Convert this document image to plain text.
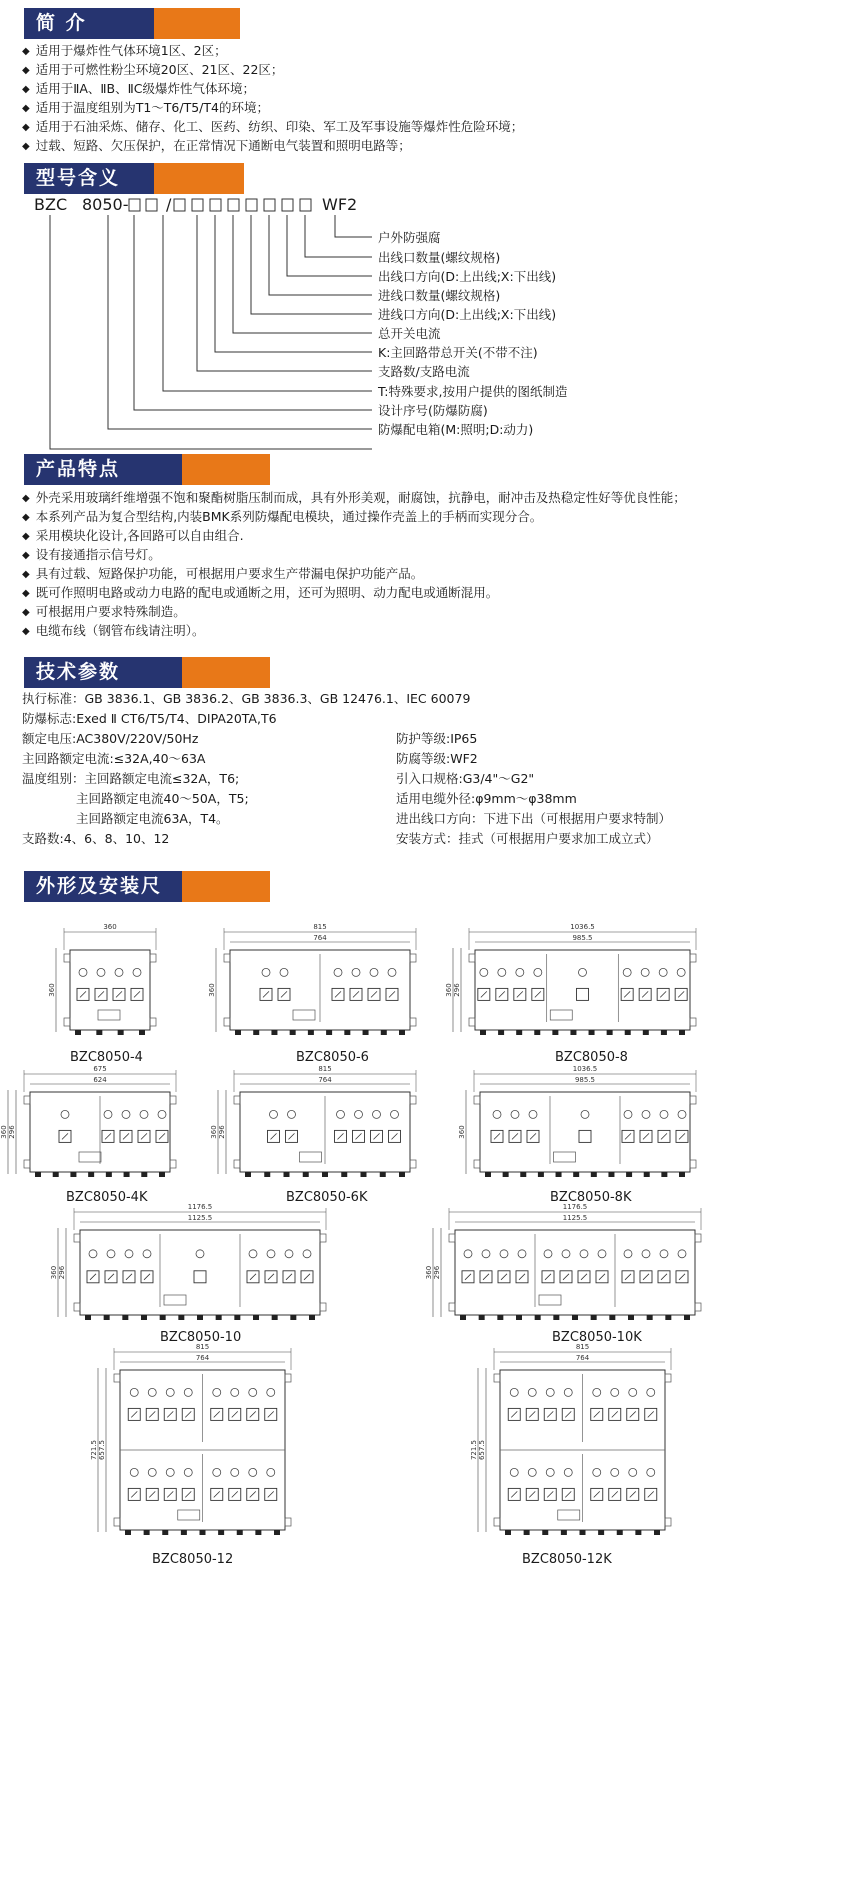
简 介
型号含义
产品特点
技术参数
外形及安装尺寸
◆ 适用于爆炸性气体环境1区、2区；
◆ 适用于可燃性粉尘环境20区、21区、22区；
◆ 适用于ⅡA、ⅡB、ⅡC级爆炸性气体环境；
◆ 适用于温度组别为T1～T6/T5/T4的环境；
◆ 适用于石油采炼、储存、化工、医药、纺织、印染、军工及军事设施等爆炸性危险环境；
◆ 过载、短路、欠压保护，在正常情况下通断电气装置和照明电路等；
BZC 8050- /	WF2
户外防强腐
出线口数量(螺纹规格)
出线口方向(D:上出线;X:下出线)
进线口数量(螺纹规格)
进线口方向(D:上出线;X:下出线)
总开关电流
K:主回路带总开关(不带不注)
支路数/支路电流
T:特殊要求,按用户提供的图纸制造
设计序号(防爆防腐)
防爆配电箱(M:照明;D:动力)
◆ 外壳采用玻璃纤维增强不饱和聚酯树脂压制而成，具有外形美观，耐腐蚀，抗静电，耐冲击及热稳定性好等优良性能；
◆ 本系列产品为复合型结构,内装BMK系列防爆配电模块，通过操作壳盖上的手柄而实现分合。
◆ 采用模块化设计,各回路可以自由组合.
◆ 设有接通指示信号灯。
◆ 具有过载、短路保护功能，可根据用户要求生产带漏电保护功能产品。
◆ 既可作照明电路或动力电路的配电或通断之用，还可为照明、动力配电或通断混用。
◆ 可根据用户要求特殊制造。
◆ 电缆布线（钢管布线请注明）。
执行标准：GB 3836.1、GB 3836.2、GB 3836.3、GB 12476.1、IEC 60079
防爆标志:Exed Ⅱ CT6/T5/T4、DIPA20TA,T6
额定电压:AC380V/220V/50Hz
主回路额定电流:≤32A,40～63A
温度组别：主回路额定电流≤32A，T6;
主回路额定电流40～50A，T5;
主回路额定电流63A，T4。
支路数:4、6、8、10、12
防护等级:IP65
防腐等级:WF2
引入口规格:G3/4"～G2"
适用电缆外径:φ9mm～φ38mm
进出线口方向：下进下出（可根据用户要求特制）
安装方式：挂式（可根据用户要求加工成立式）
360
360
BZC8050-4
815
764
360
BZC8050-6
1036.5
985.5
360 296
BZC8050-8
675
624
360 296
BZC8050-4K
815
764
360 296
BZC8050-6K
1036.5
985.5
360
BZC8050-8K
1176.5
1125.5
360 296
BZC8050-10
1176.5
1125.5
360 296
BZC8050-10K
815
764
721.5 657.5
BZC8050-12
815
764
721.5 657.5
BZC8050-12K
